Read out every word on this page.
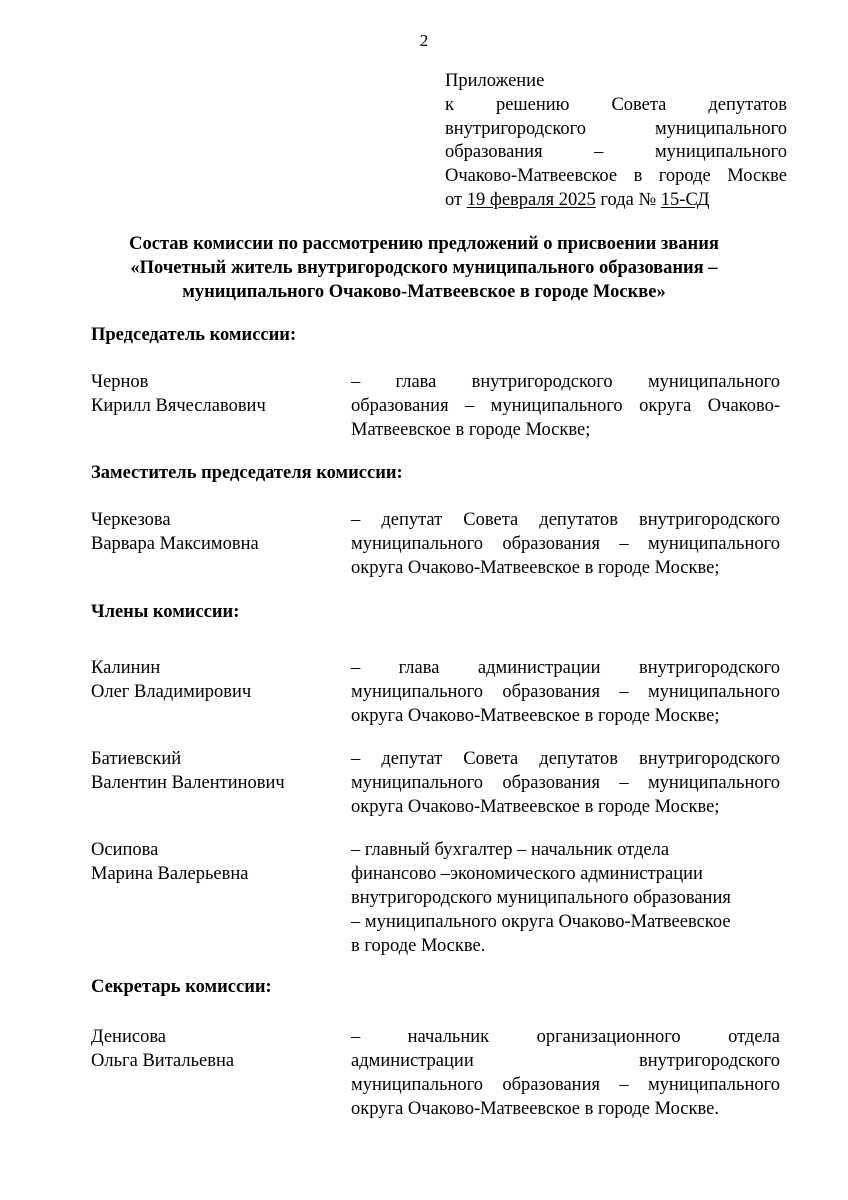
2
Приложение
к решению Совета депутатов
внутригородского муниципального
образования – муниципального
Очаково-Матвеевское в городе Москве
от 19 февраля 2025 года № 15-СД
Состав комиссии по рассмотрению предложений о присвоении звания
«Почетный житель внутригородского муниципального образования –
муниципального Очаково-Матвеевское в городе Москве»
Председатель комиссии:
Чернов
Кирилл Вячеславович
– глава внутригородского муниципального
образования – муниципального округа Очаково-
Матвеевское в городе Москве;
Заместитель председателя комиссии:
Черкезова
Варвара Максимовна
– депутат Совета депутатов внутригородского
муниципального образования – муниципального
округа Очаково-Матвеевское в городе Москве;
Члены комиссии:
Калинин
Олег Владимирович
– глава администрации внутригородского
муниципального образования – муниципального
округа Очаково-Матвеевское в городе Москве;
Батиевский
Валентин Валентинович
– депутат Совета депутатов внутригородского
муниципального образования – муниципального
округа Очаково-Матвеевское в городе Москве;
Осипова
Марина Валерьевна
– главный бухгалтер – начальник отдела
финансово –экономического администрации
внутригородского муниципального образования
– муниципального округа Очаково-Матвеевское
в городе Москве.
Секретарь комиссии:
Денисова
Ольга Витальевна
– начальник организационного отдела
администрации внутригородского
муниципального образования – муниципального
округа Очаково-Матвеевское в городе Москве.
